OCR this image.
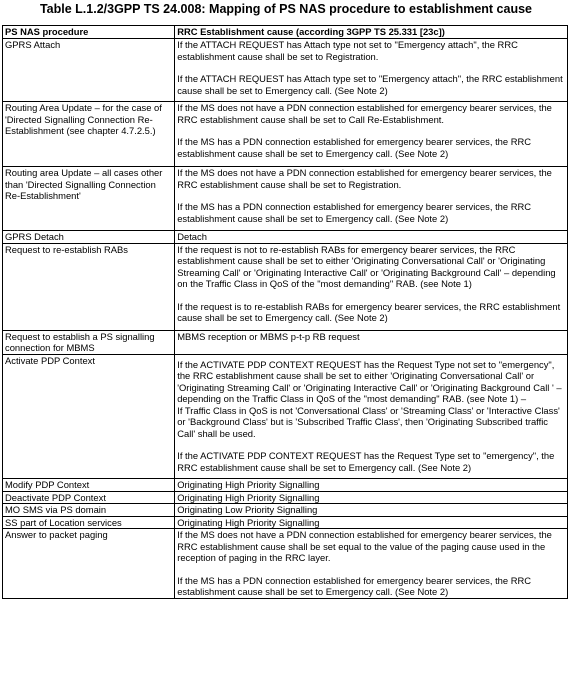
Table L.1.2/3GPP TS 24.008: Mapping of PS NAS procedure to establishment cause
PS NAS procedure	RRC Establishment cause (according 3GPP TS 25.331 [23c])
GPRS Attach	If the ATTACH REQUEST has Attach type not set to "Emergency attach", the RRC establishment cause shall be set to Registration.

If the ATTACH REQUEST has Attach type set to "Emergency attach", the RRC establishment cause shall be set to Emergency call. (See Note 2)

Routing Area Update – for the case of 'Directed Signalling Connection Re-Establishment (see chapter 4.7.2.5.)	If the MS does not have a PDN connection established for emergency bearer services, the RRC establishment cause shall be set to Call Re-Establishment.

If the MS has a PDN connection established for emergency bearer services, the RRC establishment cause shall be set to Emergency call. (See Note 2)

Routing area Update – all cases other than 'Directed Signalling Connection Re-Establishment'	If the MS does not have a PDN connection established for emergency bearer services, the RRC establishment cause shall be set to Registration.

If the MS has a PDN connection established for emergency bearer services, the RRC establishment cause shall be set to Emergency call. (See Note 2)

GPRS Detach	Detach

Request to re-establish RABs	If the request is not to re-establish RABs for emergency bearer services, the RRC establishment cause shall be set to either 'Originating Conversational Call' or 'Originating Streaming Call' or 'Originating Interactive Call' or 'Originating Background Call' – depending on the Traffic Class in QoS of the "most demanding" RAB. (see Note 1)

If the request is to re-establish RABs for emergency bearer services, the RRC establishment cause shall be set to Emergency call. (See Note 2)

Request to establish a PS signalling connection for MBMS	MBMS reception or MBMS p-t-p RB request

Activate PDP Context	If the ACTIVATE PDP CONTEXT REQUEST has the Request Type not set to "emergency", the RRC establishment cause shall be set to either 'Originating Conversational Call' or 'Originating Streaming Call' or 'Originating Interactive Call' or 'Originating Background Call ' – depending on the Traffic Class in QoS of the "most demanding" RAB. (see Note 1) –

If Traffic Class in QoS is not 'Conversational Class' or 'Streaming Class' or 'Interactive Class' or 'Background Class' but is 'Subscribed Traffic Class', then 'Originating Subscribed traffic Call' shall be used.

If the ACTIVATE PDP CONTEXT REQUEST has the Request Type set to "emergency", the RRC establishment cause shall be set to Emergency call. (See Note 2)

Modify PDP Context	Originating High Priority Signalling

Deactivate PDP Context	Originating High Priority Signalling

MO SMS via PS domain	Originating Low Priority Signalling

SS part of Location services	Originating High Priority Signalling

Answer to packet paging	If the MS does not have a PDN connection established for emergency bearer services, the RRC establishment cause shall be set equal to the value of the paging cause used in the reception of paging in the RRC layer.

If the MS has a PDN connection established for emergency bearer services, the RRC establishment cause shall be set to Emergency call. (See Note 2)
